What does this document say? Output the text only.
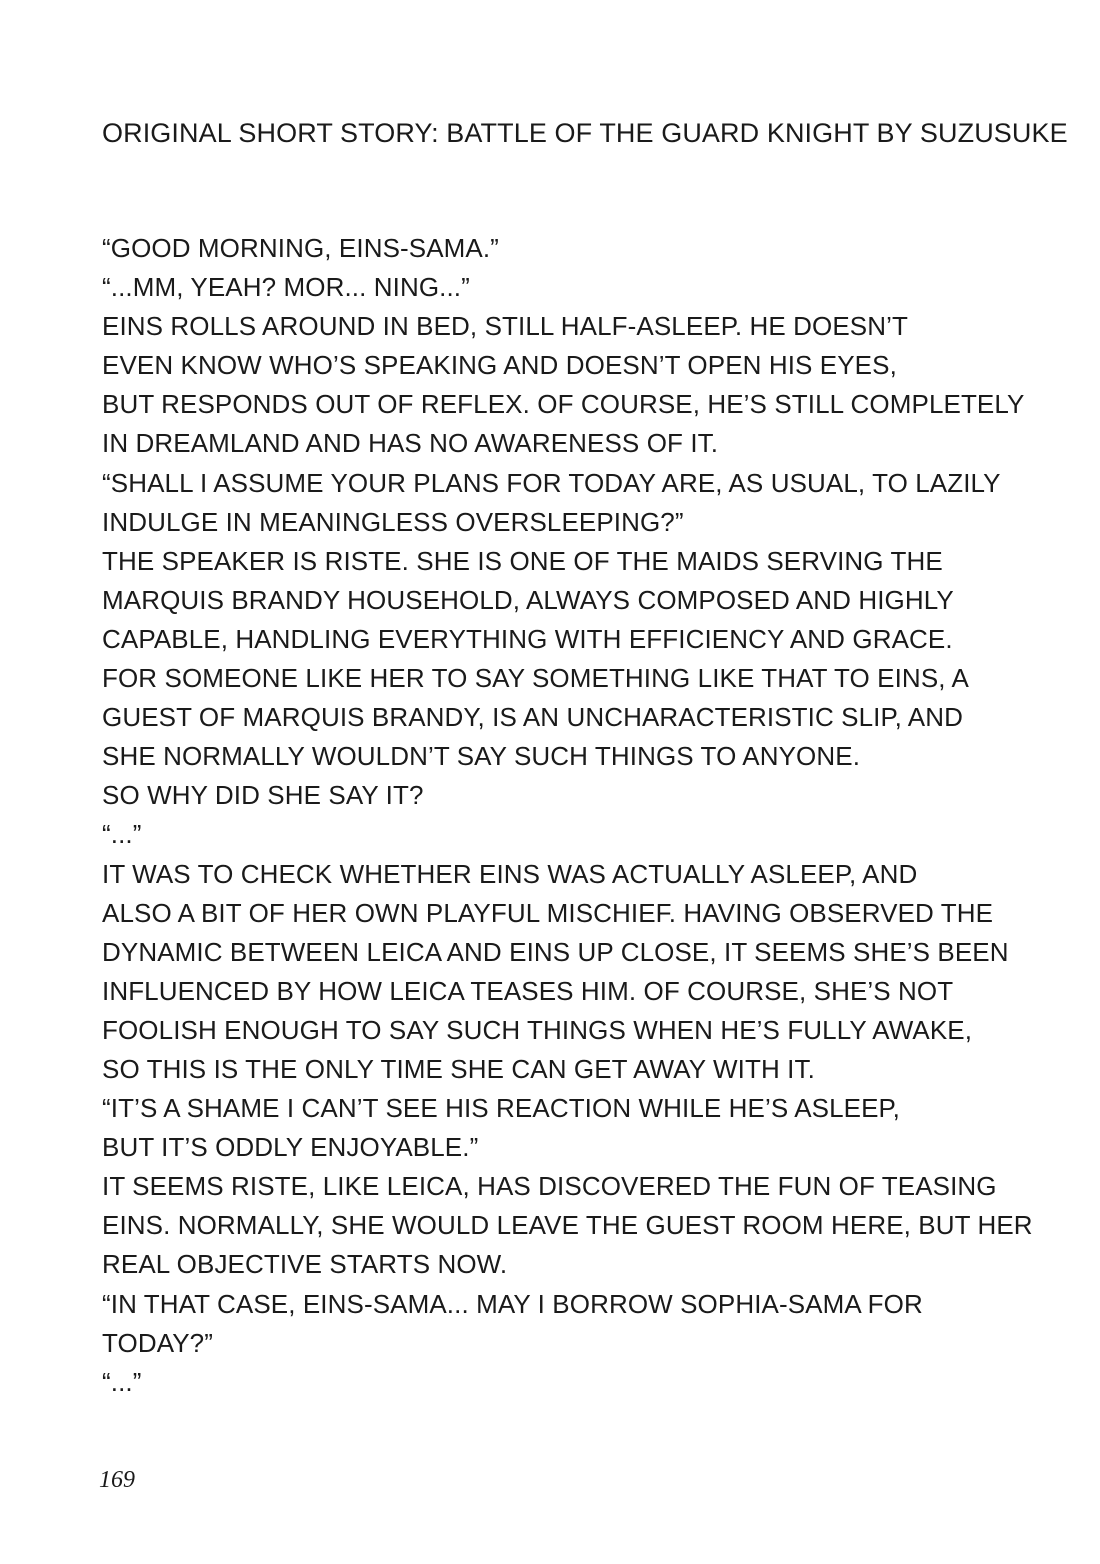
ORIGINAL SHORT STORY: BATTLE OF THE GUARD KNIGHT BY SUZUSUKE
“GOOD MORNING, EINS-SAMA.”
“...MM, YEAH? MOR... NING...”
EINS ROLLS AROUND IN BED, STILL HALF-ASLEEP. HE DOESN’T
EVEN KNOW WHO’S SPEAKING AND DOESN’T OPEN HIS EYES,
BUT RESPONDS OUT OF REFLEX. OF COURSE, HE’S STILL COMPLETELY
IN DREAMLAND AND HAS NO AWARENESS OF IT.
“SHALL I ASSUME YOUR PLANS FOR TODAY ARE, AS USUAL, TO LAZILY
INDULGE IN MEANINGLESS OVERSLEEPING?”
THE SPEAKER IS RISTE. SHE IS ONE OF THE MAIDS SERVING THE
MARQUIS BRANDY HOUSEHOLD, ALWAYS COMPOSED AND HIGHLY
CAPABLE, HANDLING EVERYTHING WITH EFFICIENCY AND GRACE.
FOR SOMEONE LIKE HER TO SAY SOMETHING LIKE THAT TO EINS, A
GUEST OF MARQUIS BRANDY, IS AN UNCHARACTERISTIC SLIP, AND
SHE NORMALLY WOULDN’T SAY SUCH THINGS TO ANYONE.
SO WHY DID SHE SAY IT?
“...”
IT WAS TO CHECK WHETHER EINS WAS ACTUALLY ASLEEP, AND
ALSO A BIT OF HER OWN PLAYFUL MISCHIEF. HAVING OBSERVED THE
DYNAMIC BETWEEN LEICA AND EINS UP CLOSE, IT SEEMS SHE’S BEEN
INFLUENCED BY HOW LEICA TEASES HIM. OF COURSE, SHE’S NOT
FOOLISH ENOUGH TO SAY SUCH THINGS WHEN HE’S FULLY AWAKE,
SO THIS IS THE ONLY TIME SHE CAN GET AWAY WITH IT.
“IT’S A SHAME I CAN’T SEE HIS REACTION WHILE HE’S ASLEEP,
BUT IT’S ODDLY ENJOYABLE.”
IT SEEMS RISTE, LIKE LEICA, HAS DISCOVERED THE FUN OF TEASING
EINS. NORMALLY, SHE WOULD LEAVE THE GUEST ROOM HERE, BUT HER
REAL OBJECTIVE STARTS NOW.
“IN THAT CASE, EINS-SAMA... MAY I BORROW SOPHIA-SAMA FOR
TODAY?”
“...”
169
